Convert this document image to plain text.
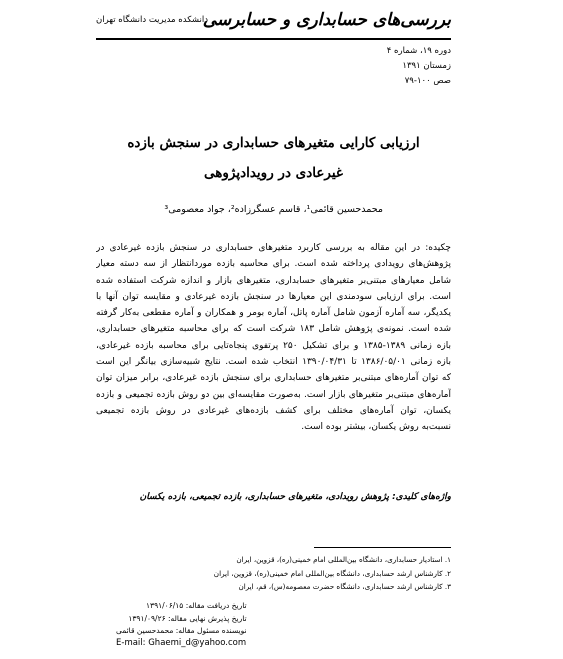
بررسی‌های حسابداری و حسابرسی
دانشکده مدیریت دانشگاه تهران
دوره ۱۹، شماره ۴
زمستان ۱۳۹۱
صص ۱۰۰-۷۹
ارزیابی کارایی متغیرهای حسابداری در سنجش بازده
غیرعادی در رویدادپژوهی
محمدحسین قائمی¹، قاسم عسگرزاده²، جواد معصومی³
چکیده: در این مقاله به بررسی کاربرد متغیرهای حسابداری در سنجش بازده غیرعادی در
پژوهش‌های رویدادی پرداخته شده است. برای محاسبه بازده موردانتظار از سه دسته معیار
شامل معیارهای مبتنی‌بر متغیرهای حسابداری، متغیرهای بازار و اندازه شرکت استفاده شده
است. برای ارزیابی سودمندی این معیارها در سنجش بازده غیرعادی و مقایسه توان آنها با
یکدیگر، سه آماره آزمون شامل آماره پاتل، آماره بومر و همکاران و آماره مقطعی به‌کار گرفته
شده است. نمونه‌ی پژوهش شامل ۱۸۳ شرکت است که برای محاسبه متغیرهای حسابداری،
بازه زمانی ۱۳۸۹-۱۳۸۵ و برای تشکیل ۲۵۰ پرتفوی پنجاه‌تایی برای محاسبه بازده غیرعادی،
بازه زمانی ۱۳۸۶/۰۵/۰۱ تا ۱۳۹۰/۰۴/۳۱ انتخاب شده است. نتایج شبیه‌سازی بیانگر این است
که توان آماره‌های مبتنی‌بر متغیرهای حسابداری برای سنجش بازده غیرعادی، برابر میزان توان
آماره‌های مبتنی‌بر متغیرهای بازار است. به‌صورت مقایسه‌ای بین دو روش بازده تجمیعی و بازده
یکسان، توان آماره‌های مختلف برای کشف بازده‌های غیرعادی در روش بازده تجمیعی
نسبت‌به روش یکسان، بیشتر بوده است.
واژه‌های کلیدی: پژوهش رویدادی، متغیرهای حسابداری، بازده تجمیعی، بازده یکسان
۱. استادیار حسابداری، دانشگاه بین‌المللی امام خمینی(ره)، قزوین، ایران
۲. کارشناس ارشد حسابداری، دانشگاه بین‌المللی امام خمینی(ره)، قزوین، ایران
۳. کارشناس ارشد حسابداری، دانشگاه حضرت معصومه(س)، قم، ایران
تاریخ دریافت مقاله: ۱۳۹۱/۰۶/۱۵
تاریخ پذیرش نهایی مقاله: ۱۳۹۱/۰۹/۲۶
نویسنده مسئول مقاله: محمدحسین قائمی
E-mail: Ghaemi_d@yahoo.com
